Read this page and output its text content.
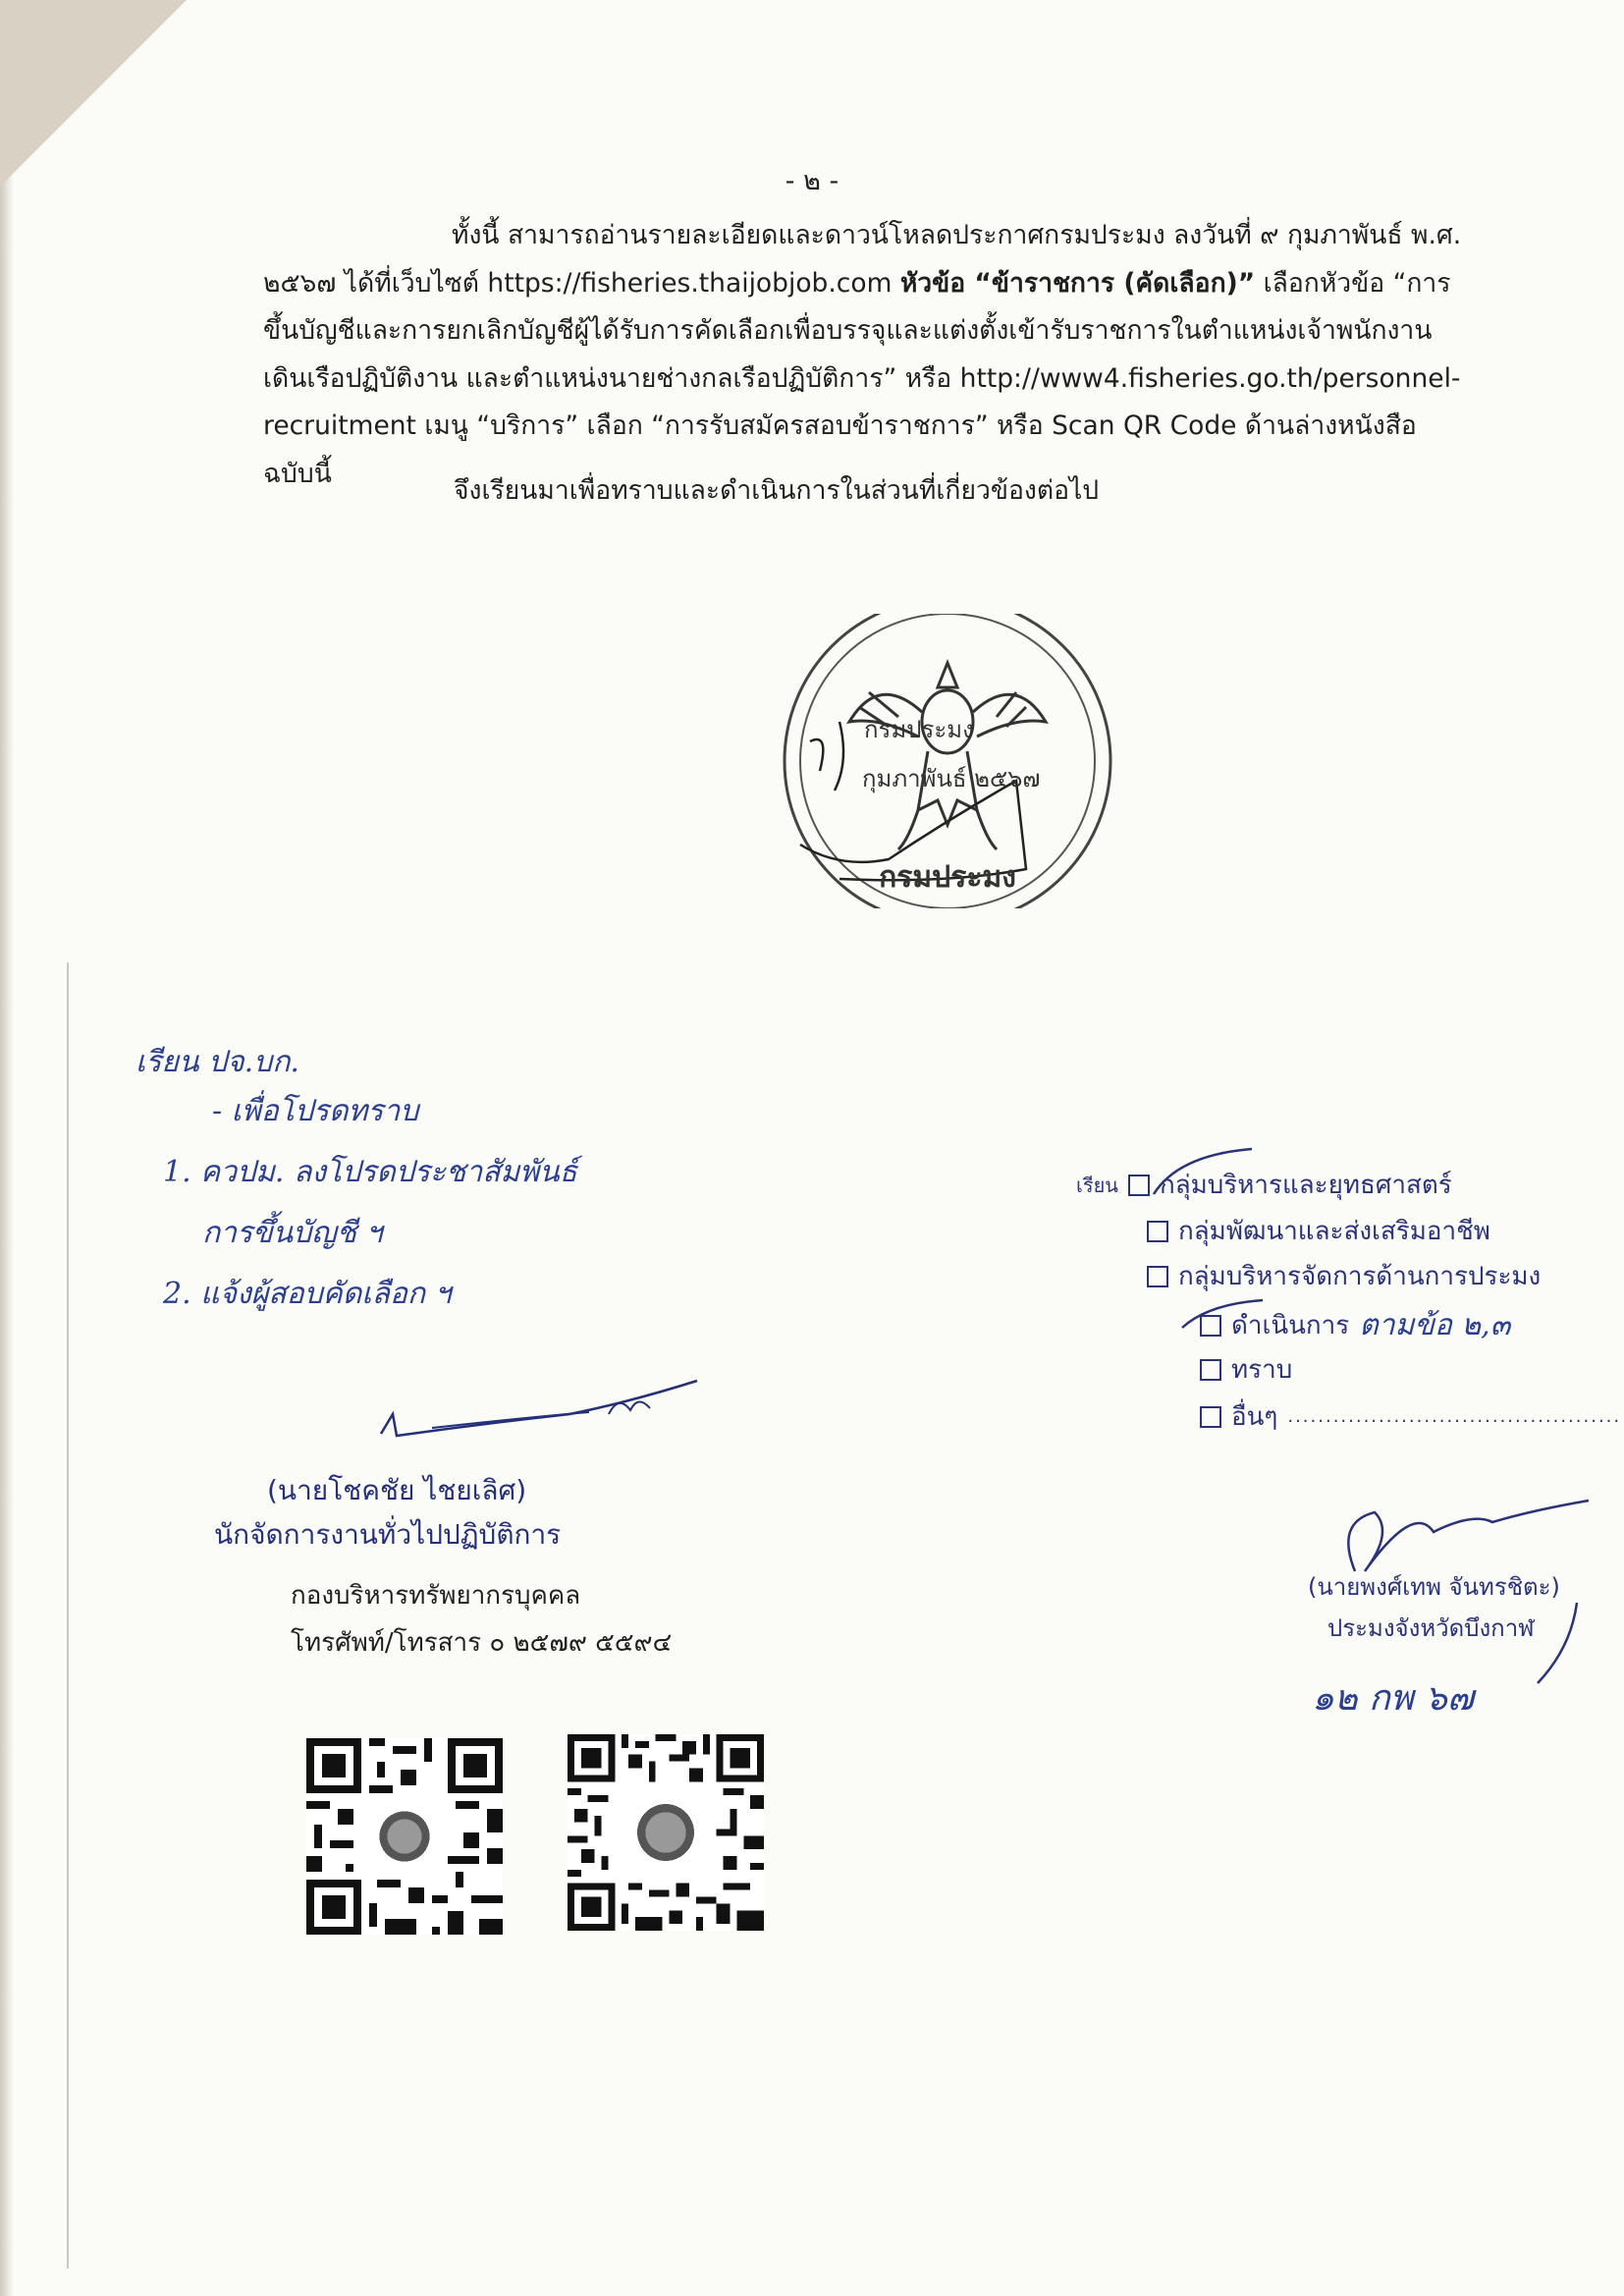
- ๒ -

ทั้งนี้ สามารถอ่านรายละเอียดและดาวน์โหลดประกาศกรมประมง ลงวันที่ ๙ กุมภาพันธ์ พ.ศ. ๒๕๖๗ ได้ที่เว็บไซต์ https://fisheries.thaijobjob.com หัวข้อ “ข้าราชการ (คัดเลือก)” เลือกหัวข้อ “การขึ้นบัญชีและการยกเลิกบัญชีผู้ได้รับการคัดเลือกเพื่อบรรจุและแต่งตั้งเข้ารับราชการในตำแหน่งเจ้าพนักงานเดินเรือปฏิบัติงาน และตำแหน่งนายช่างกลเรือปฏิบัติการ” หรือ http://www4.fisheries.go.th/personnel-recruitment เมนู “บริการ” เลือก “การรับสมัครสอบข้าราชการ” หรือ Scan QR Code ด้านล่างหนังสือฉบับนี้

จึงเรียนมาเพื่อทราบและดำเนินการในส่วนที่เกี่ยวข้องต่อไป
กรมประมง
กรมประมง
กุมภาพันธ์ ๒๕๖๗
เรียน ปจ.บก.
- เพื่อโปรดทราบ
1. ควปม. ลงโปรดประชาสัมพันธ์
การขึ้นบัญชี ฯ
2. แจ้งผู้สอบคัดเลือก ฯ
เรียน กลุ่มบริหารและยุทธศาสตร์
กลุ่มพัฒนาและส่งเสริมอาชีพ
กลุ่มบริหารจัดการด้านการประมง
ดำเนินการ ตามข้อ ๒,๓
ทราบ
อื่นๆ ............................................
(นายโชคชัย ไชยเลิศ)
นักจัดการงานทั่วไปปฏิบัติการ
กองบริหารทรัพยากรบุคคล
โทรศัพท์/โทรสาร ๐ ๒๕๗๙ ๕๕๙๔
(นายพงศ์เทพ จันทรชิตะ)
ประมงจังหวัดบึงกาฬ
๑๒ กพ ๖๗
